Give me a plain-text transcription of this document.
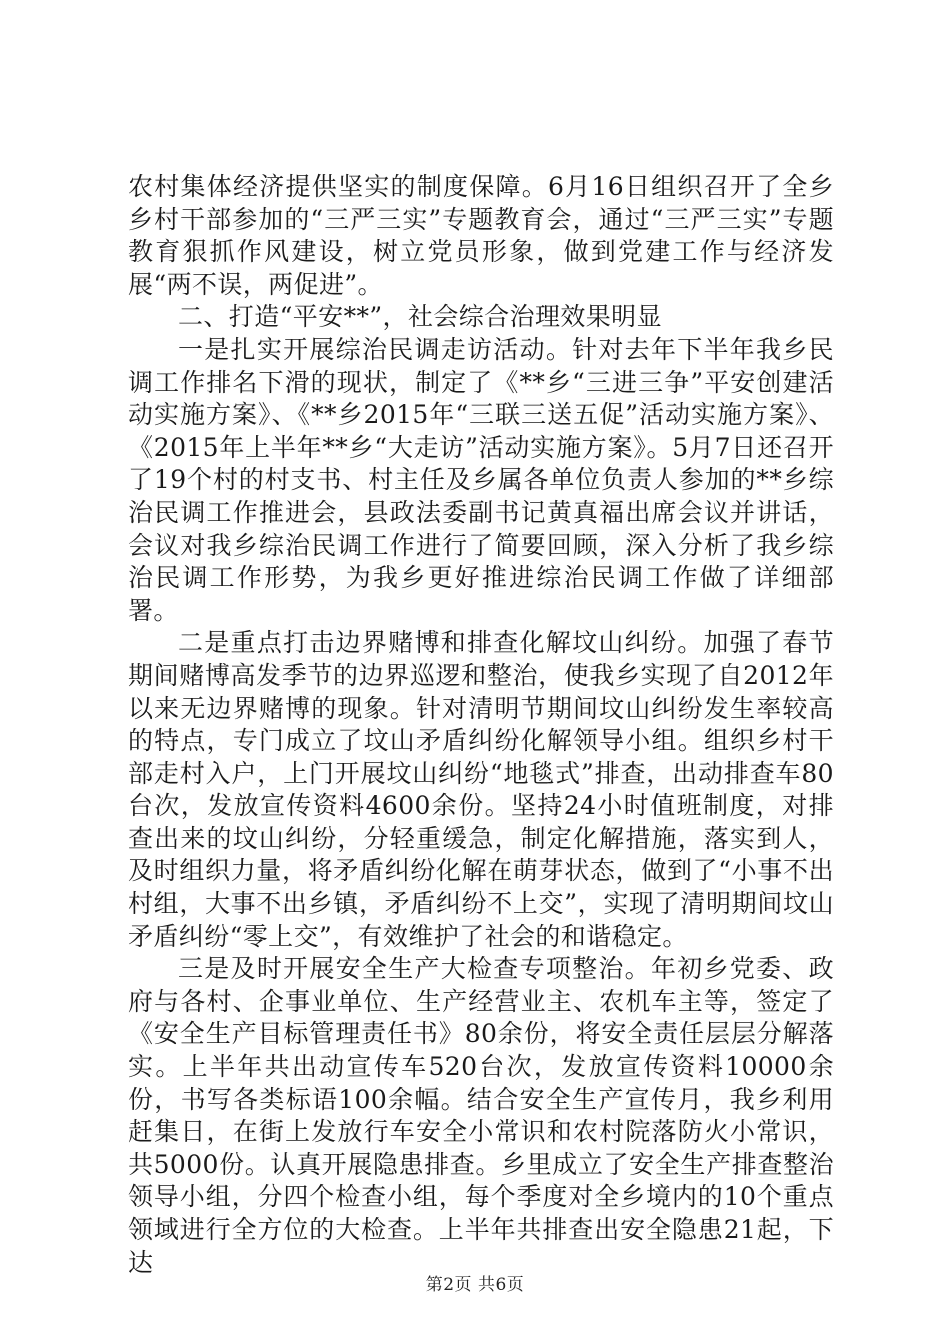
农村集体经济提供坚实的制度保障。6月16日组织召开了全乡乡村干部参加的“三严三实”专题教育会，通过“三严三实”专题教育狠抓作风建设，树立党员形象，做到党建工作与经济发展“两不误，两促进”。

二、打造“平安**”，社会综合治理效果明显

一是扎实开展综治民调走访活动。针对去年下半年我乡民调工作排名下滑的现状，制定了《**乡“三进三争”平安创建活动实施方案》、《**乡2015年“三联三送五促”活动实施方案》、《2015年上半年**乡“大走访”活动实施方案》。5月7日还召开了19个村的村支书、村主任及乡属各单位负责人参加的**乡综治民调工作推进会，县政法委副书记黄真福出席会议并讲话，会议对我乡综治民调工作进行了简要回顾，深入分析了我乡综治民调工作形势，为我乡更好推进综治民调工作做了详细部署。

二是重点打击边界赌博和排查化解坟山纠纷。加强了春节期间赌博高发季节的边界巡逻和整治，使我乡实现了自2012年以来无边界赌博的现象。针对清明节期间坟山纠纷发生率较高的特点，专门成立了坟山矛盾纠纷化解领导小组。组织乡村干部走村入户，上门开展坟山纠纷“地毯式”排查，出动排查车80台次，发放宣传资料4600余份。坚持24小时值班制度，对排查出来的坟山纠纷，分轻重缓急，制定化解措施，落实到人，及时组织力量，将矛盾纠纷化解在萌芽状态，做到了“小事不出村组，大事不出乡镇，矛盾纠纷不上交”，实现了清明期间坟山矛盾纠纷“零上交”，有效维护了社会的和谐稳定。

三是及时开展安全生产大检查专项整治。年初乡党委、政府与各村、企事业单位、生产经营业主、农机车主等，签定了《安全生产目标管理责任书》80余份，将安全责任层层分解落实。上半年共出动宣传车520台次，发放宣传资料10000余份，书写各类标语100余幅。结合安全生产宣传月，我乡利用赶集日，在街上发放行车安全小常识和农村院落防火小常识，共5000份。认真开展隐患排查。乡里成立了安全生产排查整治领导小组，分四个检查小组，每个季度对全乡境内的10个重点领域进行全方位的大检查。上半年共排查出安全隐患21起，下达

第2页 共6页
